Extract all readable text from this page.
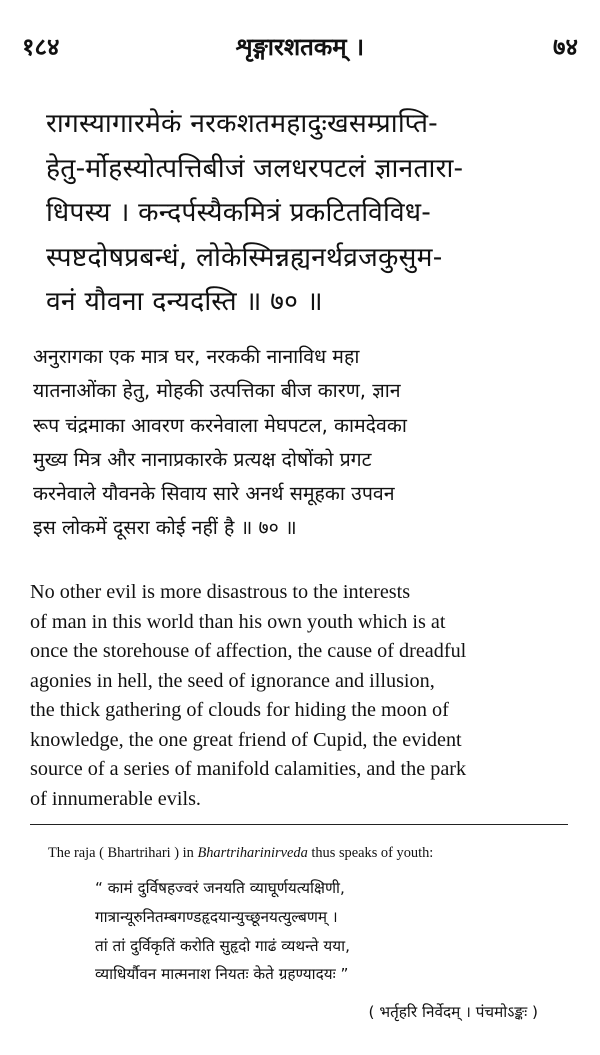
१८४	शृङ्गारशतकम् ।	७४
रागस्यागारमेकं नरकशतमहादुःखसम्प्राप्ति-
हेतु-र्मोहस्योत्पत्तिबीजं जलधरपटलं ज्ञानतारा-
धिपस्य । कन्दर्पस्यैकमित्रं प्रकटितविविध-
स्पष्टदोषप्रबन्धं, लोकेस्मिन्नह्यनर्थव्रजकुसुम-
वनं यौवना दन्यदस्ति ॥ ७० ॥
अनुरागका एक मात्र घर, नरककी नानाविध महा
यातनाओंका हेतु, मोहकी उत्पत्तिका बीज कारण, ज्ञान
रूप चंद्रमाका आवरण करनेवाला मेघपटल, कामदेवका
मुख्य मित्र और नानाप्रकारके प्रत्यक्ष दोषोंको प्रगट
करनेवाले यौवनके सिवाय सारे अनर्थ समूहका उपवन
इस लोकमें दूसरा कोई नहीं है ॥ ७० ॥
No other evil is more disastrous to the interests
of man in this world than his own youth which is at
once the storehouse of affection, the cause of dreadful
agonies in hell, the seed of ignorance and illusion,
the thick gathering of clouds for hiding the moon of
knowledge, the one great friend of Cupid, the evident
source of a series of manifold calamities, and the park
of innumerable evils.
The raja ( Bhartrihari ) in Bhartriharinirveda thus speaks of youth:
“ कामं दुर्विषहज्वरं जनयति व्याघूर्णयत्यक्षिणी,
गात्रान्यूरुनितम्बगण्डहृदयान्युच्छूनयत्युल्बणम् ।
तां तां दुर्विकृतिं करोति सुहृदो गाढं व्यथन्ते यया,
व्याधिर्यौवन मात्मनाश नियतः केते ग्रहण्यादयः ”
( भर्तृहरि निर्वेदम् । पंचमोऽङ्कः )
